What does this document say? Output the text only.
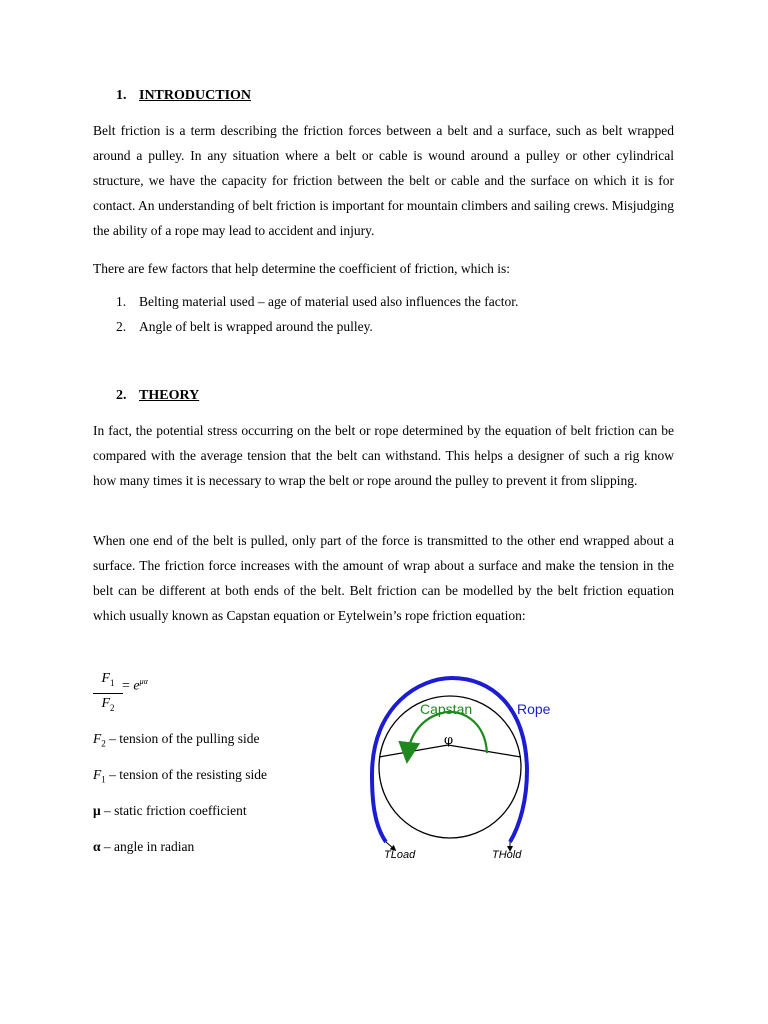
1. INTRODUCTION

Belt friction is a term describing the friction forces between a belt and a surface, such as belt wrapped around a pulley. In any situation where a belt or cable is wound around a pulley or other cylindrical structure, we have the capacity for friction between the belt or cable and the surface on which it is for contact. An understanding of belt friction is important for mountain climbers and sailing crews. Misjudging the ability of a rope may lead to accident and injury.

There are few factors that help determine the coefficient of friction, which is:

1. Belting material used – age of material used also influences the factor.
2. Angle of belt is wrapped around the pulley.
2. THEORY

In fact, the potential stress occurring on the belt or rope determined by the equation of belt friction can be compared with the average tension that the belt can withstand. This helps a designer of such a rig know how many times it is necessary to wrap the belt or rope around the pulley to prevent it from slipping.

When one end of the belt is pulled, only part of the force is transmitted to the other end wrapped about a surface. The friction force increases with the amount of wrap about a surface and make the tension in the belt can be different at both ends of the belt. Belt friction can be modelled by the belt friction equation which usually known as Capstan equation or Eytelwein’s rope friction equation:

$F_1$
$F_2$
= $e^{\mu\alpha}$
$F_2$ – tension of the pulling side
$F_1$ – tension of the resisting side
μ – static friction coefficient
α – angle in radian
Capstan	Rope
φ
TLoad	THold
